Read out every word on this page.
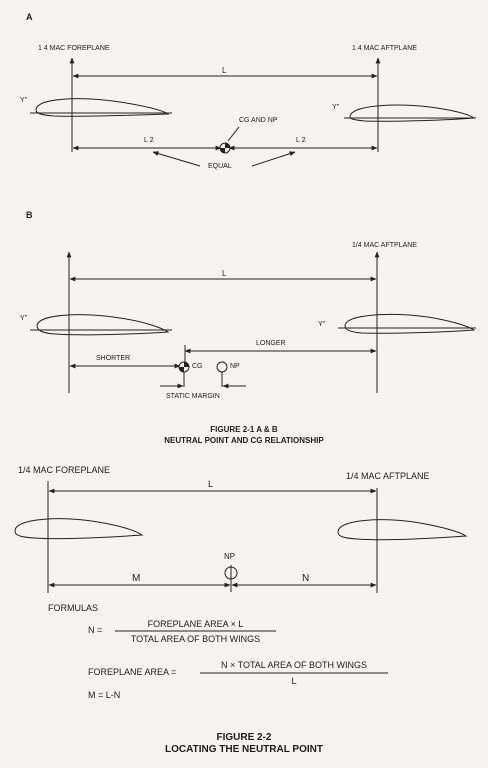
A
1 4 MAC FOREPLANE	1 4 MAC AFTPLANE
L
Y"
Y"
CG AND NP
L 2	L 2
EQUAL
B
1/4 MAC AFTPLANE
L
Y"
Y"
LONGER
SHORTER
CG	NP
STATIC MARGIN
FIGURE 2-1 A & B
NEUTRAL POINT AND CG RELATIONSHIP
1/4 MAC FOREPLANE
1/4 MAC AFTPLANE
L
NP
M	N
FORMULAS
N =
FOREPLANE AREA × L
TOTAL AREA OF BOTH WINGS
FOREPLANE AREA =
N × TOTAL AREA OF BOTH WINGS
L
M = L-N
FIGURE 2-2
LOCATING THE NEUTRAL POINT
